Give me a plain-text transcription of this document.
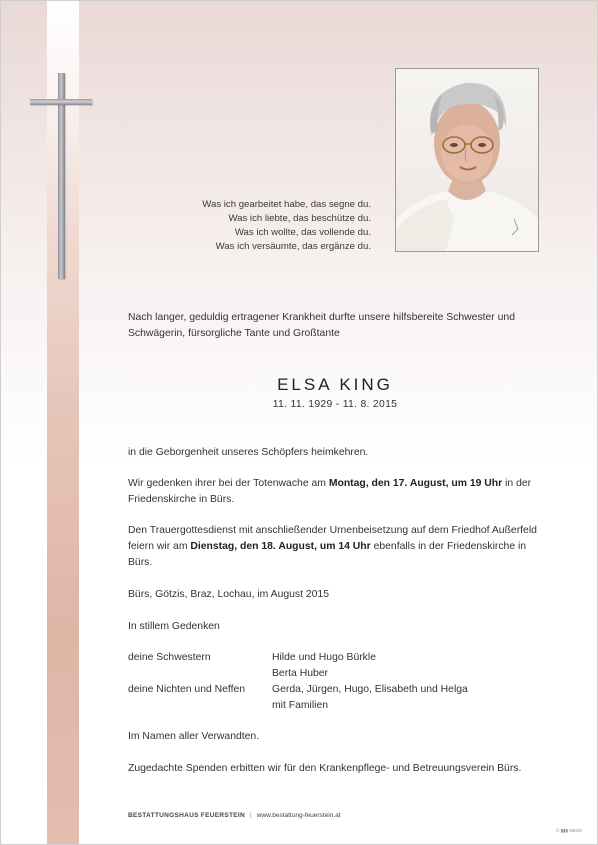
Was ich gearbeitet habe, das segne du.
Was ich liebte, das beschütze du.
Was ich wollte, das vollende du.
Was ich versäumte, das ergänze du.
Nach langer, geduldig ertragener Krankheit durfte unsere hilfsbereite Schwester und Schwägerin, fürsorgliche Tante und Großtante
ELSA KING
11. 11. 1929 - 11. 8. 2015
in die Geborgenheit unseres Schöpfers heimkehren.
Wir gedenken ihrer bei der Totenwache am Montag, den 17. August, um 19 Uhr in der Friedenskirche in Bürs.
Den Trauergottesdienst mit anschließender Urnenbeisetzung auf dem Friedhof Außerfeld feiern wir am Dienstag, den 18. August, um 14 Uhr ebenfalls in der Friedenskirche in Bürs.
Bürs, Götzis, Braz, Lochau, im August 2015
In stillem Gedenken
deine Schwestern	Hilde und Hugo Bürkle
Berta Huber
deine Nichten und Neffen	Gerda, Jürgen, Hugo, Elisabeth und Helga
mit Familien
Im Namen aller Verwandten.
Zugedachte Spenden erbitten wir für den Krankenpflege- und Betreuungsverein Bürs.
BESTATTUNGSHAUS FEUERSTEIN | www.bestattung-feuerstein.at
© ▮▮▮ 59029
